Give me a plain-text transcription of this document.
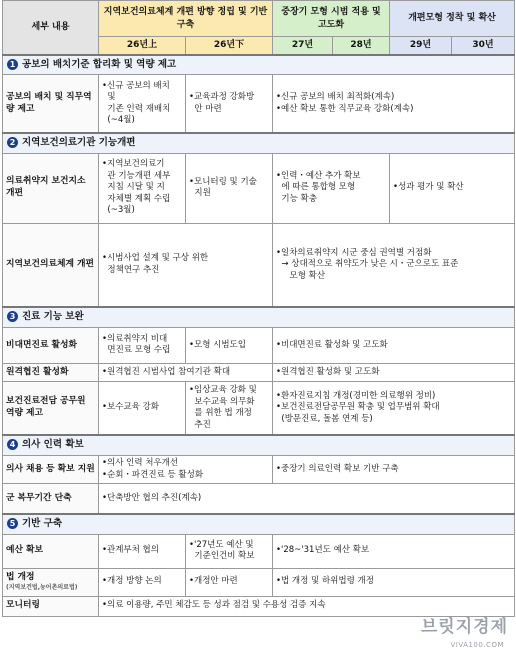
세부 내용	지역보건의료체계 개편 방향 정립 및 기반 구축		중장기 모형 시범 적용 및 고도화		개편모형 정착 및 확산	
	26년上	26년下	27년	28년	29년	30년
1 공보의 배치기준 합리화 및 역량 제고						
공보의 배치 및 직무역량 제고	•신규 공보의 배치
및
기존 인력 재배치
(~4월)	•교육과정 강화방
안 마련	•신규 공보의 배치 최적화(계속)
•예산 확보 통한 직무교육 강화(계속)			

2 지역보건의료기관 기능개편						
의료취약지 보건지소 개편	•지역보건의료기
관 기능개편 세부
지침 시달 및 지
자체별 계획 수립
(~3월)	•모니터링 및 기술
지원	•인력・예산 추가 확보
에 따른 통합형 모형
기능 확충		•성과 평가 및 확산	

지역보건의료체계 개편	•시범사업 설계 및 구상 위한
정책연구 추진		•일차의료취약지 시군 중심 권역별 거점화
→ 상대적으로 취약도가 낮은 시・군으로도 표준
모형 확산			

3 진료 기능 보완						
비대면진료 활성화	•의료취약지 비대
면진료 모형 수립	•모형 시범도입	•비대면진료 활성화 및 고도화			

원격협진 활성화	•원격협진 시범사업 참여기관 확대		•원격협진 활성화 및 고도화			

보건진료전담 공무원 역량 제고	•보수교육 강화	•임상교육 강화 및
보수교육 의무화
를 위한 법 개정
추진	•환자진료지침 개정(경미한 의료행위 정비)
•보건진료전담공무원 확충 및 업무범위 확대
(방문진료, 돌봄 연계 등)			

4 의사 인력 확보						
의사 채용 등 확보 지원	•의사 인력 처우개선
•순회・파견진료 등 활성화		•중장기 의료인력 확보 기반 구축			

군 복무기간 단축	•단축방안 협의 추진(계속)					

5 기반 구축						
예산 확보	•관계부처 협의	•'27년도 예산 및
기준인건비 확보	•'28~'31년도 예산 확보			

법 개정
(지역보건법,농어촌의료법)	•개정 방향 논의	•개정안 마련	•법 개정 및 하위법령 개정			

모니터링	•의료 이용량, 주민 체감도 등 성과 점검 및 수용성 검증 지속					
브릿지경제
VIVA100.COM
